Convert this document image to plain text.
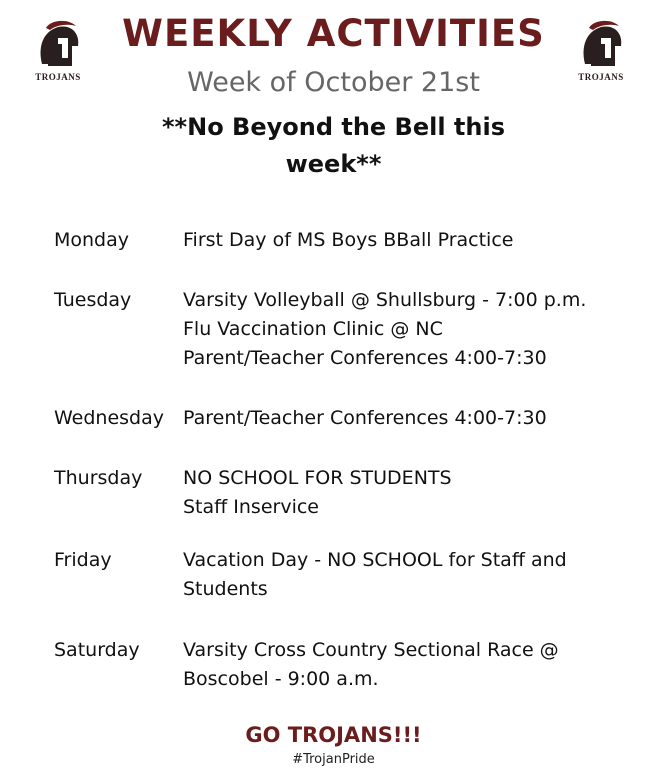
TROJANS	TROJANS
WEEKLY ACTIVITIES
Week of October 21st
**No Beyond the Bell this
week**
Monday	First Day of MS Boys BBall Practice
Tuesday	Varsity Volleyball @ Shullsburg - 7:00 p.m.
Flu Vaccination Clinic @ NC
Parent/Teacher Conferences 4:00-7:30
Wednesday Parent/Teacher Conferences 4:00-7:30
Thursday	NO SCHOOL FOR STUDENTS
Staff Inservice
Friday	Vacation Day - NO SCHOOL for Staff and
Students
Saturday	Varsity Cross Country Sectional Race @
Boscobel - 9:00 a.m.
GO TROJANS!!!
#TrojanPride
